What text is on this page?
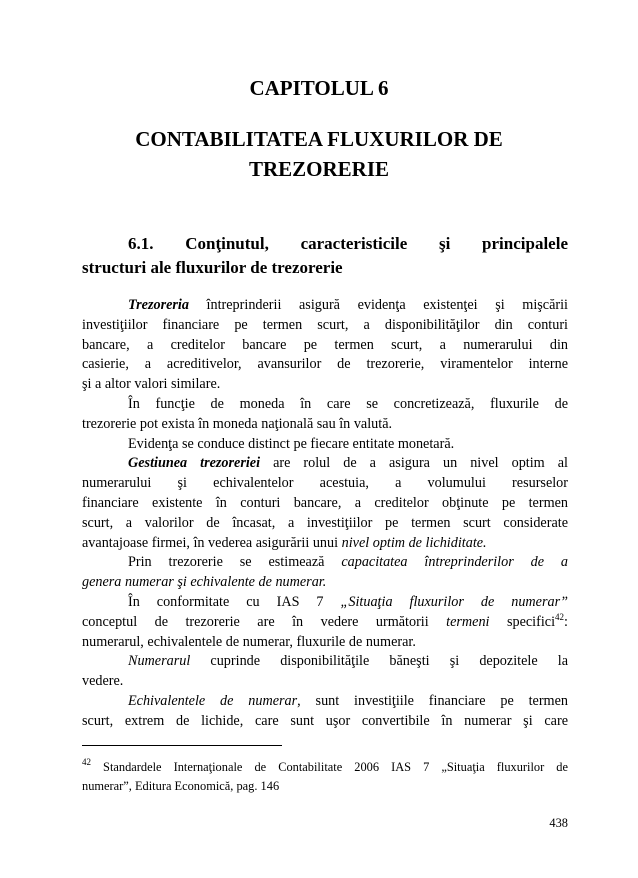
CAPITOLUL 6
CONTABILITATEA FLUXURILOR DE
TREZORERIE
6.1. Conţinutul, caracteristicile şi principalele
structuri ale fluxurilor de trezorerie
Trezoreria întreprinderii asigură evidenţa existenţei şi mişcării
investiţiilor financiare pe termen scurt, a disponibilităţilor din conturi
bancare, a creditelor bancare pe termen scurt, a numerarului din
casierie, a acreditivelor, avansurilor de trezorerie, viramentelor interne
şi a altor valori similare.
În funcţie de moneda în care se concretizează, fluxurile de
trezorerie pot exista în moneda naţională sau în valută.
Evidenţa se conduce distinct pe fiecare entitate monetară.
Gestiunea trezoreriei are rolul de a asigura un nivel optim al
numerarului şi echivalentelor acestuia, a volumului resurselor
financiare existente în conturi bancare, a creditelor obţinute pe termen
scurt, a valorilor de încasat, a investiţiilor pe termen scurt considerate
avantajoase firmei, în vederea asigurării unui nivel optim de lichiditate.
Prin trezorerie se estimează capacitatea întreprinderilor de a
genera numerar şi echivalente de numerar.
În conformitate cu IAS 7 „Situaţia fluxurilor de numerar”
conceptul de trezorerie are în vedere următorii termeni specifici$^{42}$:
numerarul, echivalentele de numerar, fluxurile de numerar.
Numerarul cuprinde disponibilităţile băneşti şi depozitele la
vedere.
Echivalentele de numerar, sunt investiţiile financiare pe termen
scurt, extrem de lichide, care sunt uşor convertibile în numerar şi care
$^{42}$ Standardele Internaţionale de Contabilitate 2006 IAS 7 „Situaţia fluxurilor de
numerar”, Editura Economică, pag. 146
438
